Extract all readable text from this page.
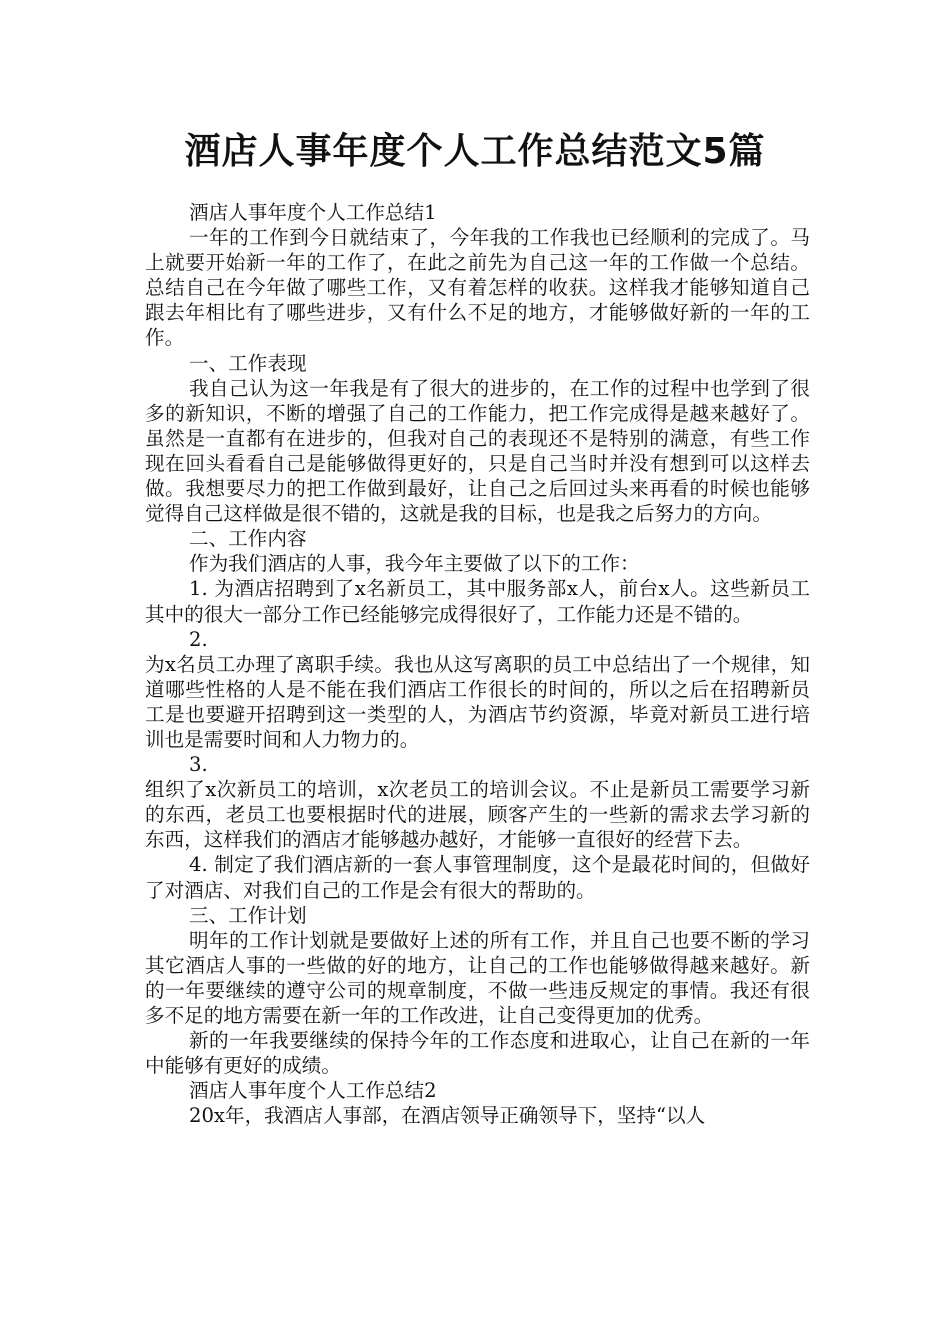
酒店人事年度个人工作总结范文5篇

酒店人事年度个人工作总结1

一年的工作到今日就结束了，今年我的工作我也已经顺利的完成了。马上就要开始新一年的工作了，在此之前先为自己这一年的工作做一个总结。总结自己在今年做了哪些工作，又有着怎样的收获。这样我才能够知道自己跟去年相比有了哪些进步，又有什么不足的地方，才能够做好新的一年的工作。

一、工作表现

我自己认为这一年我是有了很大的进步的，在工作的过程中也学到了很多的新知识，不断的增强了自己的工作能力，把工作完成得是越来越好了。虽然是一直都有在进步的，但我对自己的表现还不是特别的满意，有些工作现在回头看看自己是能够做得更好的，只是自己当时并没有想到可以这样去做。我想要尽力的把工作做到最好，让自己之后回过头来再看的时候也能够觉得自己这样做是很不错的，这就是我的目标，也是我之后努力的方向。

二、工作内容

作为我们酒店的人事，我今年主要做了以下的工作：

1. 为酒店招聘到了x名新员工，其中服务部x人，前台x人。这些新员工其中的很大一部分工作已经能够完成得很好了，工作能力还是不错的。

2.

为x名员工办理了离职手续。我也从这写离职的员工中总结出了一个规律，知道哪些性格的人是不能在我们酒店工作很长的时间的，所以之后在招聘新员工是也要避开招聘到这一类型的人，为酒店节约资源，毕竟对新员工进行培训也是需要时间和人力物力的。

3.

组织了x次新员工的培训，x次老员工的培训会议。不止是新员工需要学习新的东西，老员工也要根据时代的进展，顾客产生的一些新的需求去学习新的东西，这样我们的酒店才能够越办越好，才能够一直很好的经营下去。

4. 制定了我们酒店新的一套人事管理制度，这个是最花时间的，但做好了对酒店、对我们自己的工作是会有很大的帮助的。

三、工作计划

明年的工作计划就是要做好上述的所有工作，并且自己也要不断的学习其它酒店人事的一些做的好的地方，让自己的工作也能够做得越来越好。新的一年要继续的遵守公司的规章制度，不做一些违反规定的事情。我还有很多不足的地方需要在新一年的工作改进，让自己变得更加的优秀。

新的一年我要继续的保持今年的工作态度和进取心，让自己在新的一年中能够有更好的成绩。

酒店人事年度个人工作总结2

20x年，我酒店人事部，在酒店领导正确领导下，坚持“以人
